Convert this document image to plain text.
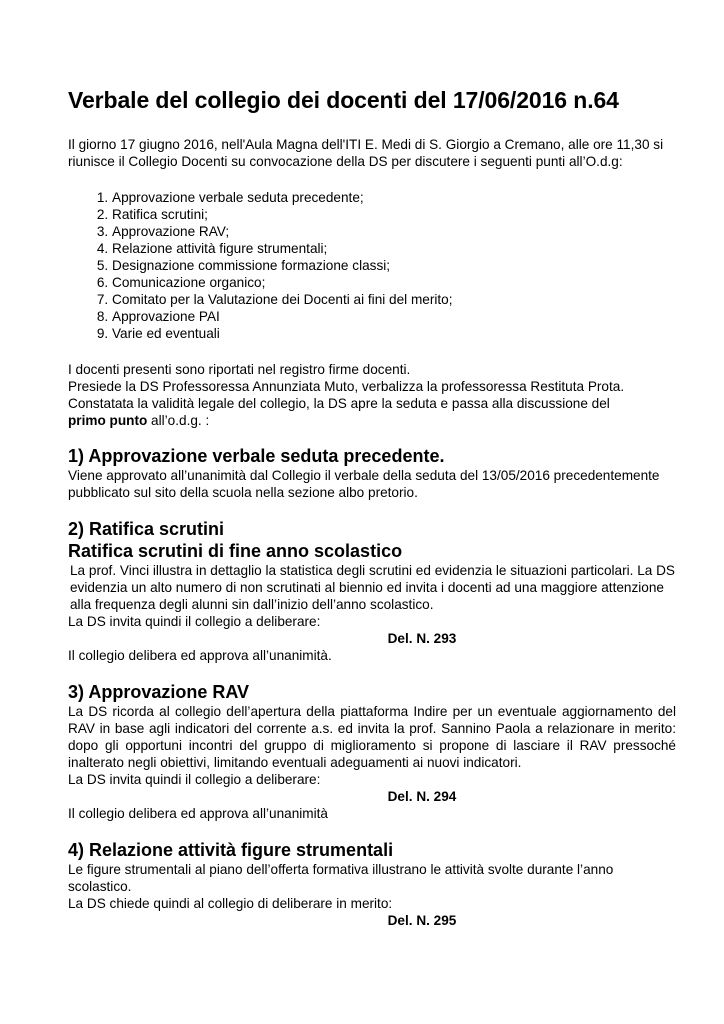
Verbale del collegio dei docenti del 17/06/2016 n.64

Il giorno 17 giugno 2016, nell'Aula Magna dell'ITI E. Medi di S. Giorgio a Cremano, alle ore 11,30 si riunisce il Collegio Docenti su convocazione della DS per discutere i seguenti punti all’O.d.g:

1. Approvazione verbale seduta precedente;
2. Ratifica scrutini;
3. Approvazione RAV;
4. Relazione attività figure strumentali;
5. Designazione commissione formazione classi;
6. Comunicazione organico;
7. Comitato per la Valutazione dei Docenti ai fini del merito;
8. Approvazione PAI
9. Varie ed eventuali

I docenti presenti sono riportati nel registro firme docenti.

Presiede la DS Professoressa Annunziata Muto, verbalizza la professoressa Restituta Prota.

Constatata la validità legale del collegio, la DS apre la seduta e passa alla discussione del

primo punto all’o.d.g. :

1) Approvazione verbale seduta precedente.

Viene approvato all’unanimità dal Collegio il verbale della seduta del 13/05/2016 precedentemente pubblicato sul sito della scuola nella sezione albo pretorio.

2) Ratifica scrutini
Ratifica scrutini di fine anno scolastico

La prof. Vinci illustra in dettaglio la statistica degli scrutini ed evidenzia le situazioni particolari. La DS evidenzia un alto numero di non scrutinati al biennio ed invita i docenti ad una maggiore attenzione alla frequenza degli alunni sin dall’inizio dell’anno scolastico.

La DS invita quindi il collegio a deliberare:

Del. N. 293

Il collegio delibera ed approva all’unanimità.

3) Approvazione RAV

La DS ricorda al collegio dell’apertura della piattaforma Indire per un eventuale aggiornamento del RAV in base agli indicatori del corrente a.s. ed invita la prof. Sannino Paola a relazionare in merito: dopo gli opportuni incontri del gruppo di miglioramento si propone di lasciare il RAV pressoché inalterato negli obiettivi, limitando eventuali adeguamenti ai nuovi indicatori.

La DS invita quindi il collegio a deliberare:

Del. N. 294

Il collegio delibera ed approva all’unanimità

4) Relazione attività figure strumentali

Le figure strumentali al piano dell’offerta formativa illustrano le attività svolte durante l’anno scolastico.

La DS chiede quindi al collegio di deliberare in merito:

Del. N. 295
